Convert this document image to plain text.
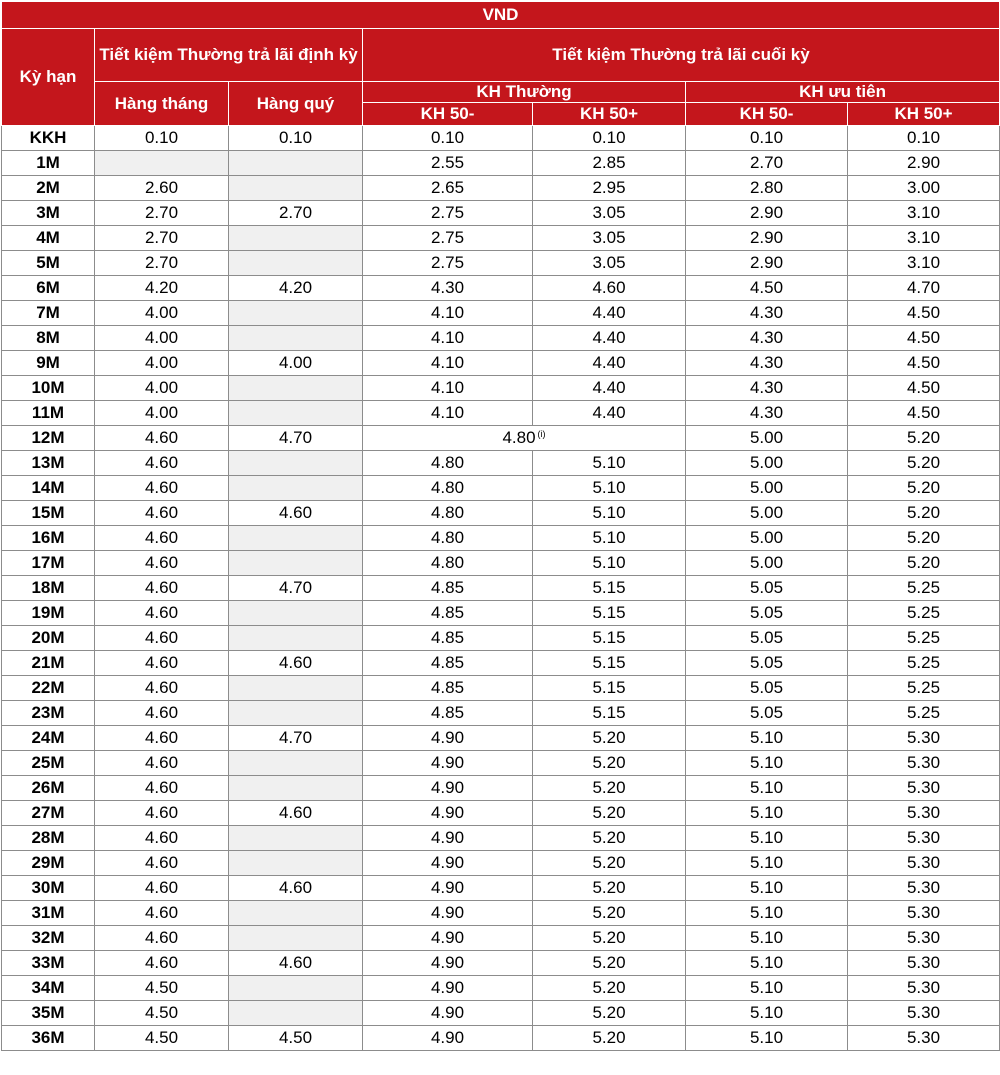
VND						
Kỳ hạn	Tiết kiệm Thường trả lãi định kỳ		Tiết kiệm Thường trả lãi cuối kỳ			
	Hàng tháng	Hàng quý	KH Thường		KH ưu tiên	
			KH 50-	KH 50+	KH 50-	KH 50+
KKH	0.10	0.10	0.10	0.10	0.10	0.10
1M			2.55	2.85	2.70	2.90
2M	2.60		2.65	2.95	2.80	3.00
3M	2.70	2.70	2.75	3.05	2.90	3.10
4M	2.70		2.75	3.05	2.90	3.10
5M	2.70		2.75	3.05	2.90	3.10
6M	4.20	4.20	4.30	4.60	4.50	4.70
7M	4.00		4.10	4.40	4.30	4.50
8M	4.00		4.10	4.40	4.30	4.50
9M	4.00	4.00	4.10	4.40	4.30	4.50
10M	4.00		4.10	4.40	4.30	4.50
11M	4.00		4.10	4.40	4.30	4.50
12M	4.60	4.70	4.80 $^{(i)}$		5.00	5.20
13M	4.60		4.80	5.10	5.00	5.20
14M	4.60		4.80	5.10	5.00	5.20
15M	4.60	4.60	4.80	5.10	5.00	5.20
16M	4.60		4.80	5.10	5.00	5.20
17M	4.60		4.80	5.10	5.00	5.20
18M	4.60	4.70	4.85	5.15	5.05	5.25
19M	4.60		4.85	5.15	5.05	5.25
20M	4.60		4.85	5.15	5.05	5.25
21M	4.60	4.60	4.85	5.15	5.05	5.25
22M	4.60		4.85	5.15	5.05	5.25
23M	4.60		4.85	5.15	5.05	5.25
24M	4.60	4.70	4.90	5.20	5.10	5.30
25M	4.60		4.90	5.20	5.10	5.30
26M	4.60		4.90	5.20	5.10	5.30
27M	4.60	4.60	4.90	5.20	5.10	5.30
28M	4.60		4.90	5.20	5.10	5.30
29M	4.60		4.90	5.20	5.10	5.30
30M	4.60	4.60	4.90	5.20	5.10	5.30
31M	4.60		4.90	5.20	5.10	5.30
32M	4.60		4.90	5.20	5.10	5.30
33M	4.60	4.60	4.90	5.20	5.10	5.30
34M	4.50		4.90	5.20	5.10	5.30
35M	4.50		4.90	5.20	5.10	5.30
36M	4.50	4.50	4.90	5.20	5.10	5.30
